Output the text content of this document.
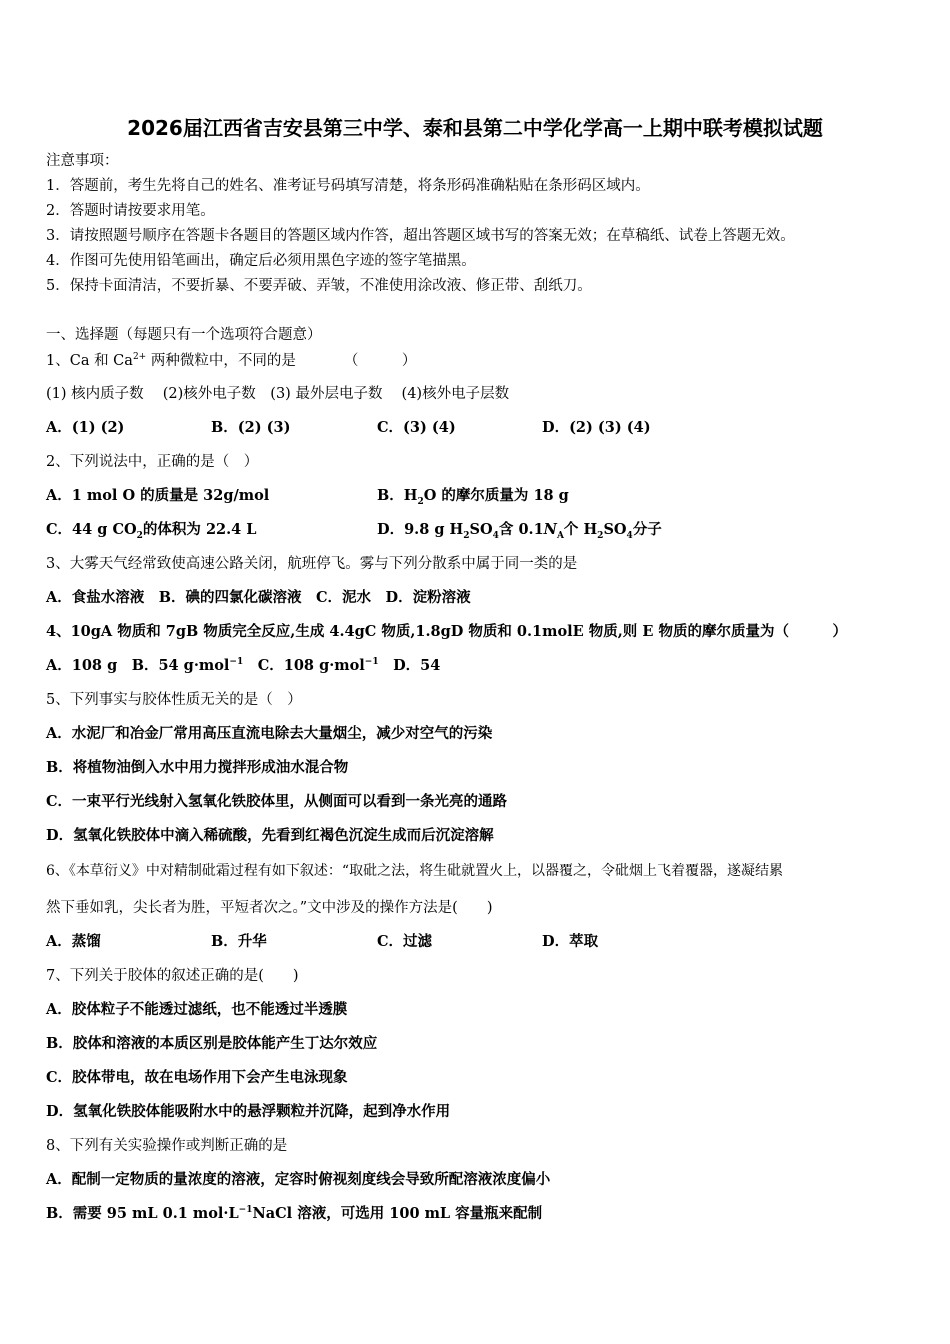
2026届江西省吉安县第三中学、泰和县第二中学化学高一上期中联考模拟试题
注意事项：
1．答题前，考生先将自己的姓名、准考证号码填写清楚，将条形码准确粘贴在条形码区域内。
2．答题时请按要求用笔。
3．请按照题号顺序在答题卡各题目的答题区域内作答，超出答题区域书写的答案无效；在草稿纸、试卷上答题无效。
4．作图可先使用铅笔画出，确定后必须用黑色字迹的签字笔描黑。
5．保持卡面清洁，不要折暴、不要弄破、弄皱，不准使用涂改液、修正带、刮纸刀。
一、选择题（每题只有一个选项符合题意）
1、Ca 和 $Ca^{2+}$ 两种微粒中，不同的是　　　 （　　　）
(1) 核内质子数　 (2)核外电子数　(3) 最外层电子数　 (4)核外电子层数
A．(1) (2)	B．(2) (3)	C．(3) (4)	D．(2) (3) (4)
2、下列说法中，正确的是（　）
A．1 mol O 的质量是 32g/mol	B．$H_2O$ 的摩尔质量为 18 g
C．44 g $CO_2$的体积为 22.4 L	D．9.8 g $H_2SO_4$含 $0.1N_A$个 $H_2SO_4$分子
3、大雾天气经常致使高速公路关闭，航班停飞。雾与下列分散系中属于同一类的是
A．食盐水溶液　B．碘的四氯化碳溶液　C．泥水　D．淀粉溶液
4、10gA 物质和 7gB 物质完全反应,生成 4.4gC 物质,1.8gD 物质和 0.1molE 物质,则 E 物质的摩尔质量为（　　　）
A．108 g　B．54 g·mol$^{-1}$　C．108 g·mol$^{-1}$　D．54
5、下列事实与胶体性质无关的是（　）
A．水泥厂和冶金厂常用高压直流电除去大量烟尘，减少对空气的污染
B．将植物油倒入水中用力搅拌形成油水混合物
C．一束平行光线射入氢氧化铁胶体里，从侧面可以看到一条光亮的通路
D．氢氧化铁胶体中滴入稀硫酸，先看到红褐色沉淀生成而后沉淀溶解
6、《本草衍义》中对精制砒霜过程有如下叙述：“取砒之法，将生砒就置火上，以器覆之，令砒烟上飞着覆器，遂凝结累
然下垂如乳，尖长者为胜，平短者次之。”文中涉及的操作方法是(　　)
A．蒸馏	B．升华	C．过滤	D．萃取
7、下列关于胶体的叙述正确的是(　　)
A．胶体粒子不能透过滤纸，也不能透过半透膜
B．胶体和溶液的本质区别是胶体能产生丁达尔效应
C．胶体带电，故在电场作用下会产生电泳现象
D．氢氧化铁胶体能吸附水中的悬浮颗粒并沉降，起到净水作用
8、下列有关实验操作或判断正确的是
A．配制一定物质的量浓度的溶液，定容时俯视刻度线会导致所配溶液浓度偏小
B．需要 95 mL 0.1 $mol\cdot L^{-1}NaCl$ 溶液，可选用 100 mL 容量瓶来配制
